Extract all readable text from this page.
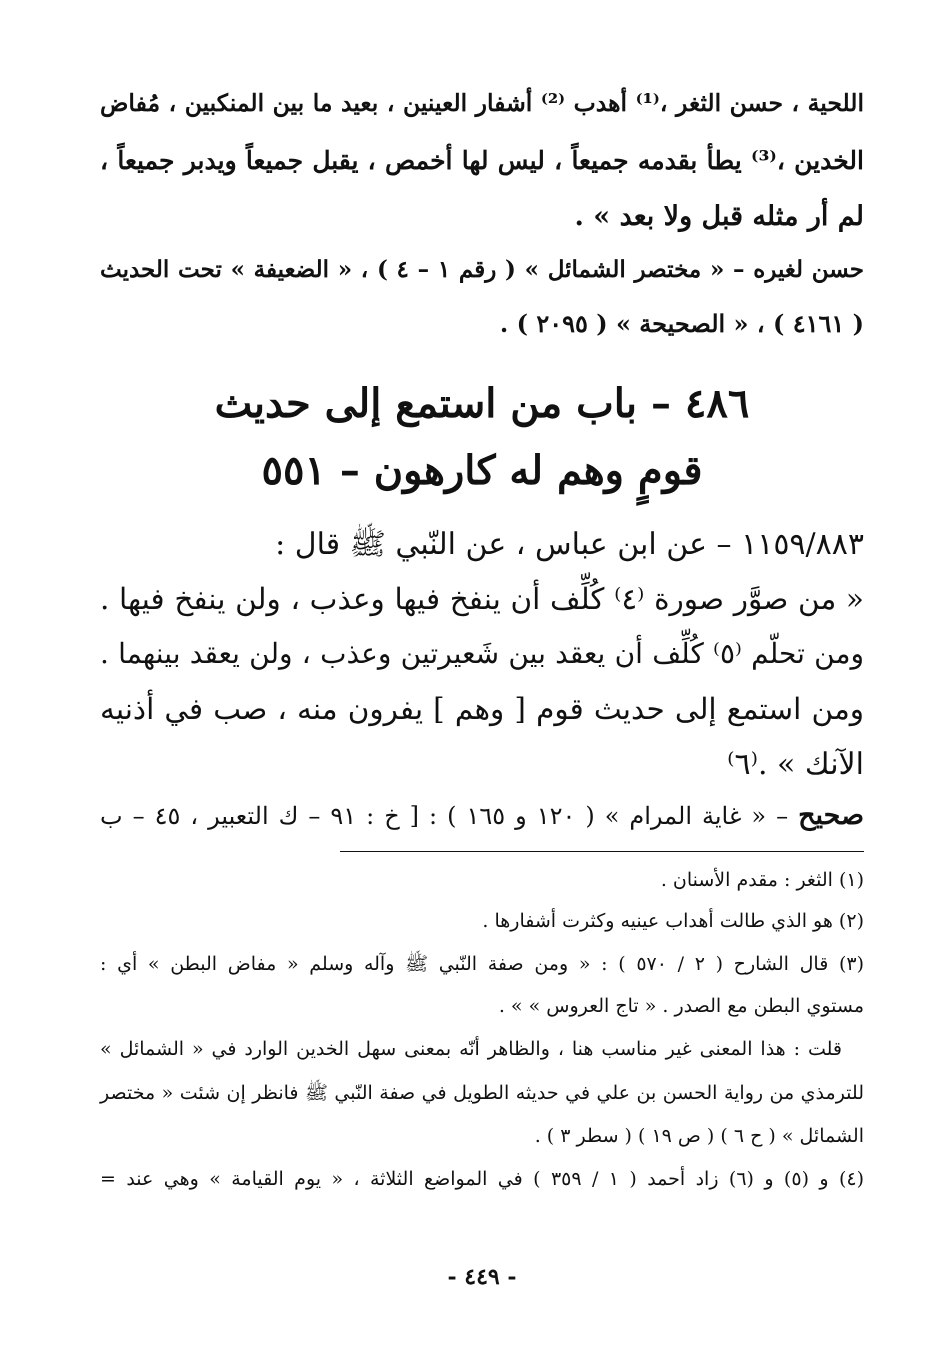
اللحية ، حسن الثغر ،⁽¹⁾ أهدب ⁽²⁾ أشفار العينين ، بعيد ما بين المنكبين ، مُفاض
الخدين ،⁽³⁾ يطأ بقدمه جميعاً ، ليس لها أخمص ، يقبل جميعاً ويدبر جميعاً ،
لم أر مثله قبل ولا بعد » .
حسن لغيره – « مختصر الشمائل » ( رقم ١ – ٤ ) ، « الضعيفة » تحت الحديث
( ٤١٦١ ) ، « الصحيحة » ( ٢٠٩٥ ) .
٤٨٦ – باب من استمع إلى حديث
قومٍ وهم له كارهون – ٥٥١
١١٥٩/٨٨٣ – عن ابن عباس ، عن النّبي ﷺ قال :
« من صوَّر صورة ⁽٤⁾ كُلِّف أن ينفخ فيها وعذب ، ولن ينفخ فيها .
ومن تحلّم ⁽٥⁾ كُلِّف أن يعقد بين شَعيرتين وعذب ، ولن يعقد بينهما .
ومن استمع إلى حديث قوم [ وهم ] يفرون منه ، صب في أذنيه
الآنك » .⁽٦⁾
صحيح – « غاية المرام » ( ١٢٠ و ١٦٥ ) : [ خ : ٩١ – ك التعبير ، ٤٥ – ب
(١) الثغر : مقدم الأسنان .
(٢) هو الذي طالت أهداب عينيه وكثرت أشفارها .
(٣) قال الشارح ( ٢ / ٥٧٠ ) : « ومن صفة النّبي ﷺ وآله وسلم « مفاض البطن » أي :
مستوي البطن مع الصدر . « تاج العروس » » .
قلت : هذا المعنى غير مناسب هنا ، والظاهر أنّه بمعنى سهل الخدين الوارد في « الشمائل »
للترمذي من رواية الحسن بن علي في حديثه الطويل في صفة النّبي ﷺ فانظر إن شئت « مختصر
الشمائل » ( ح ٦ ) ( ص ١٩ ) ( سطر ٣ ) .
(٤) و (٥) و (٦) زاد أحمد ( ١ / ٣٥٩ ) في المواضع الثلاثة ، « يوم القيامة » وهي عند =
- ٤٤٩ -
